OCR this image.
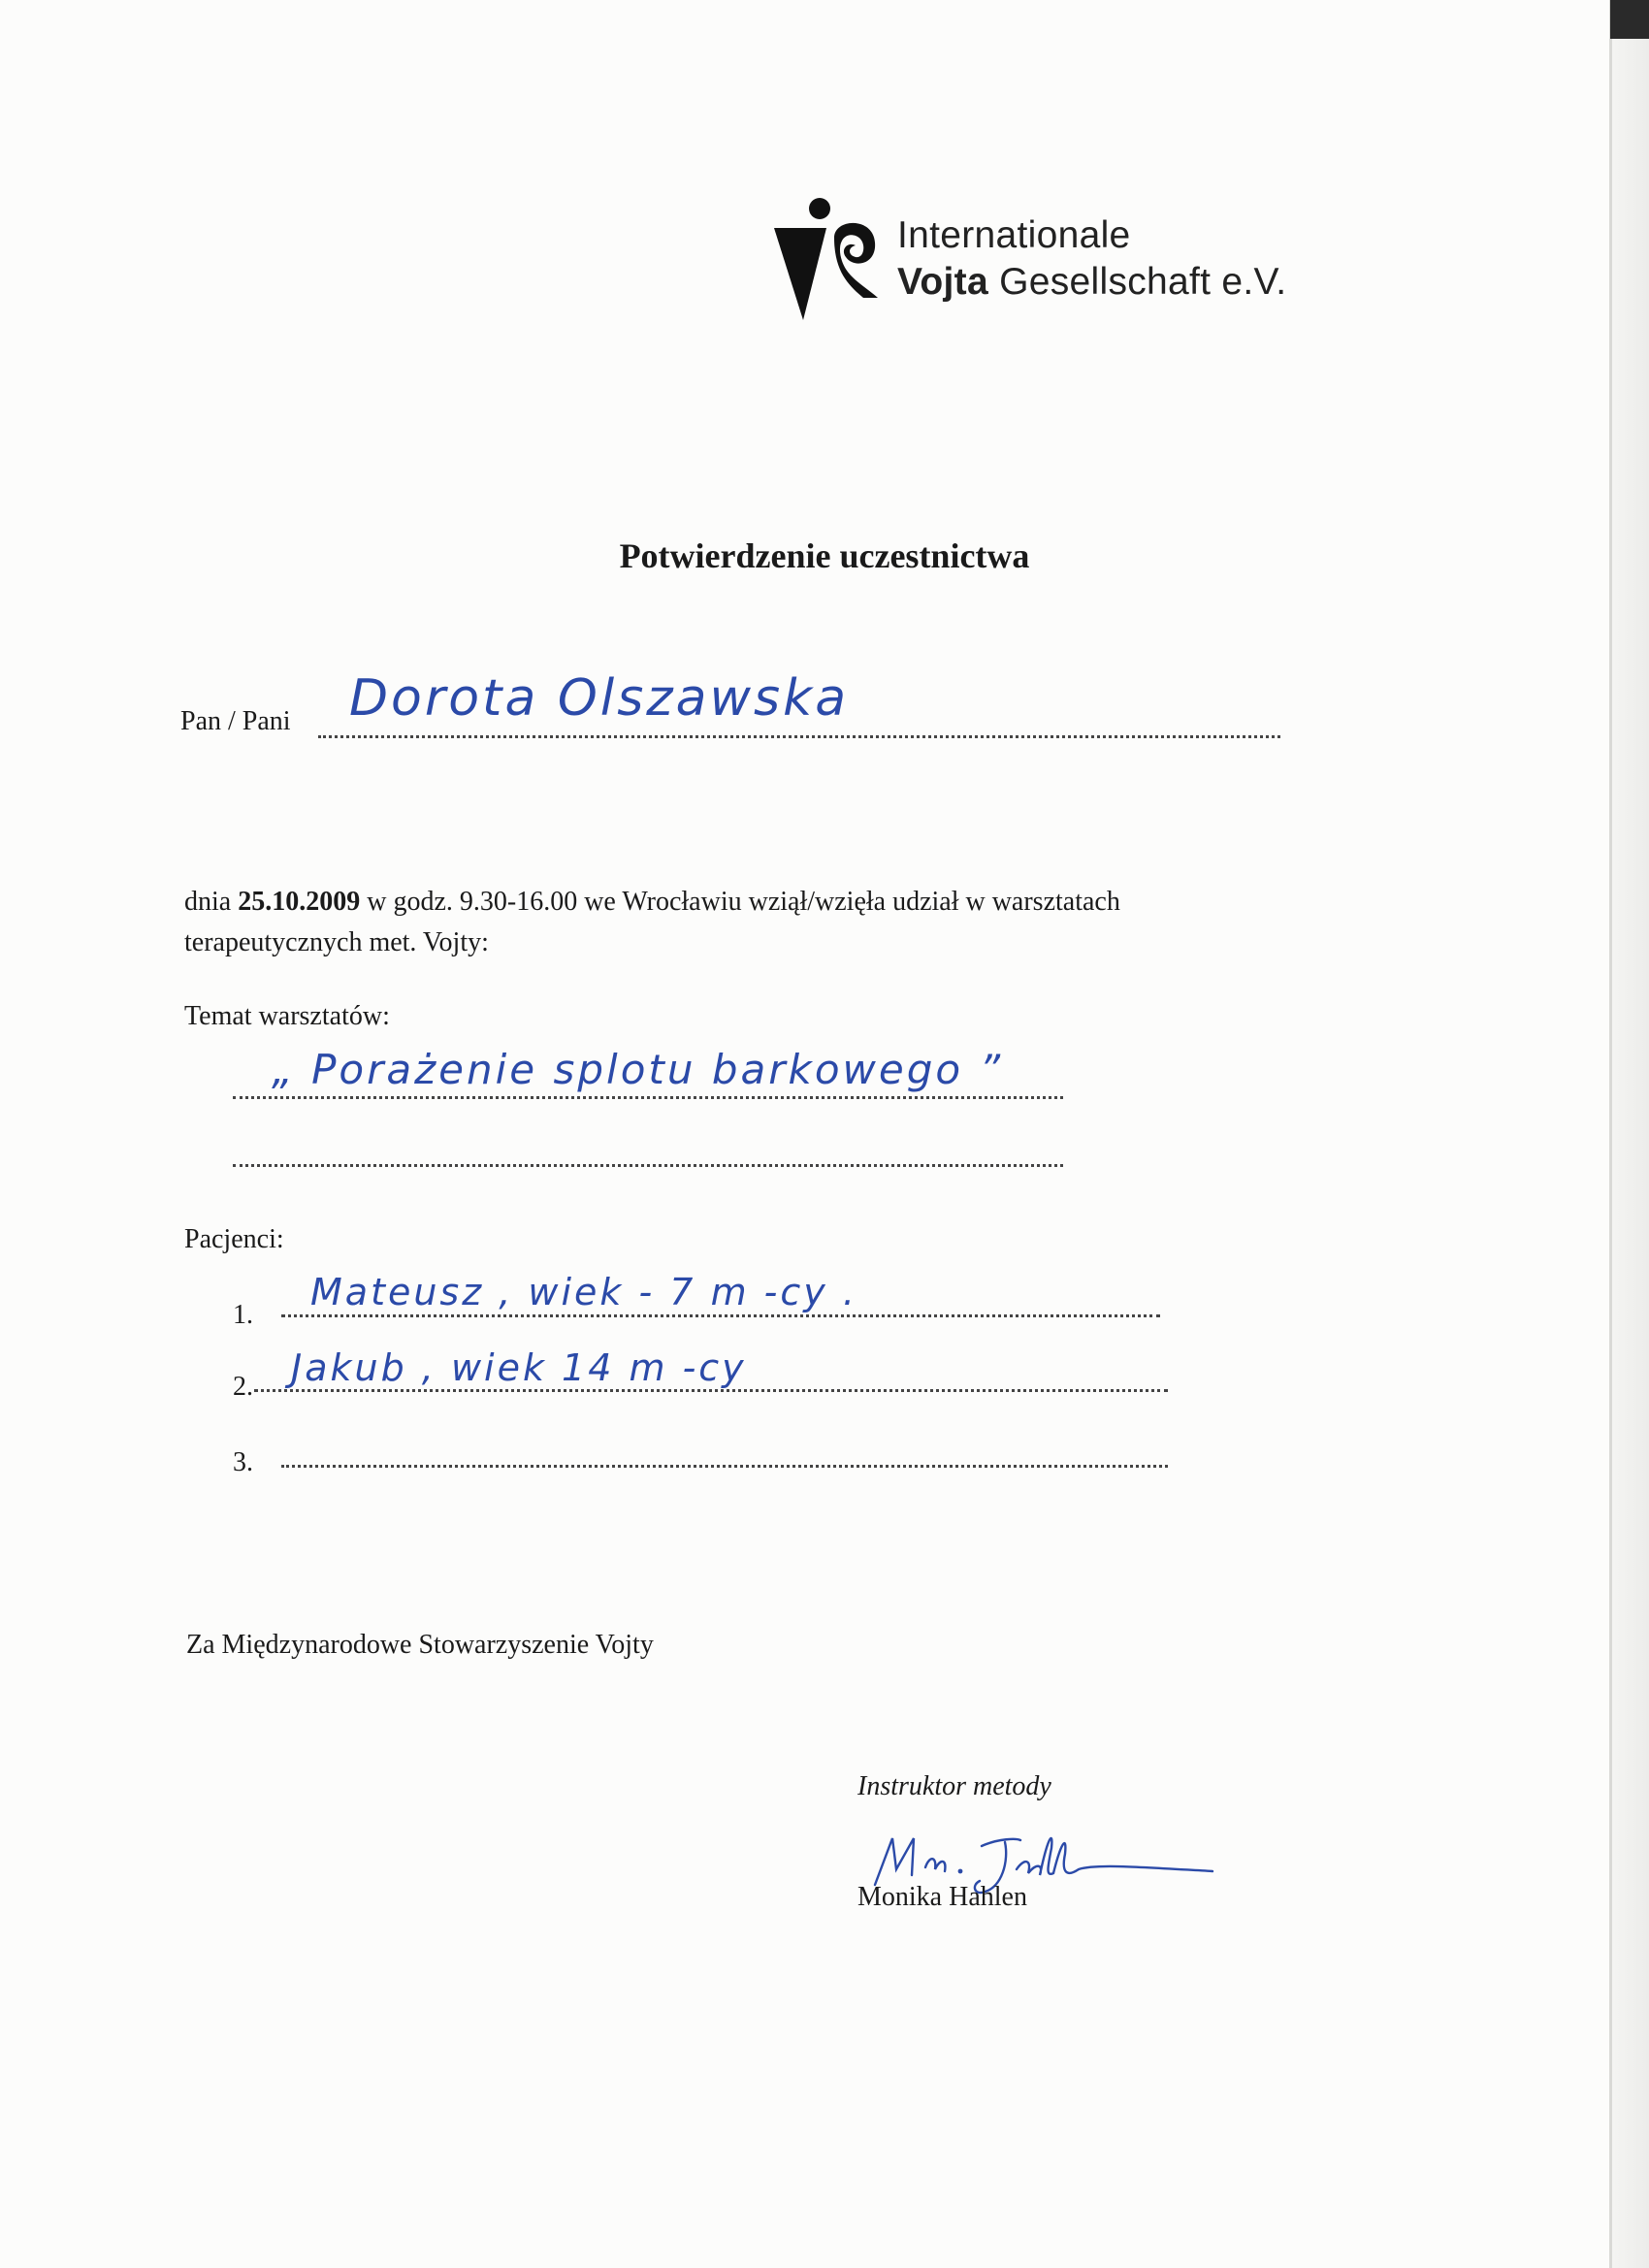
Internationale
Vojta Gesellschaft e.V.
Potwierdzenie uczestnictwa
Pan / Pani Dorota Olszawska
dnia 25.10.2009 w godz. 9.30-16.00 we Wrocławiu wziął/wzięła udział w warsztatach
terapeutycznych met. Vojty:
Temat warsztatów:
„ Porażenie splotu barkowego ”
Pacjenci:
1.
Mateusz , wiek - 7 m -cy .
2. Jakub , wiek 14 m -cy
3.
Za Międzynarodowe Stowarzyszenie Vojty
Instruktor metody
Monika Hahlen
